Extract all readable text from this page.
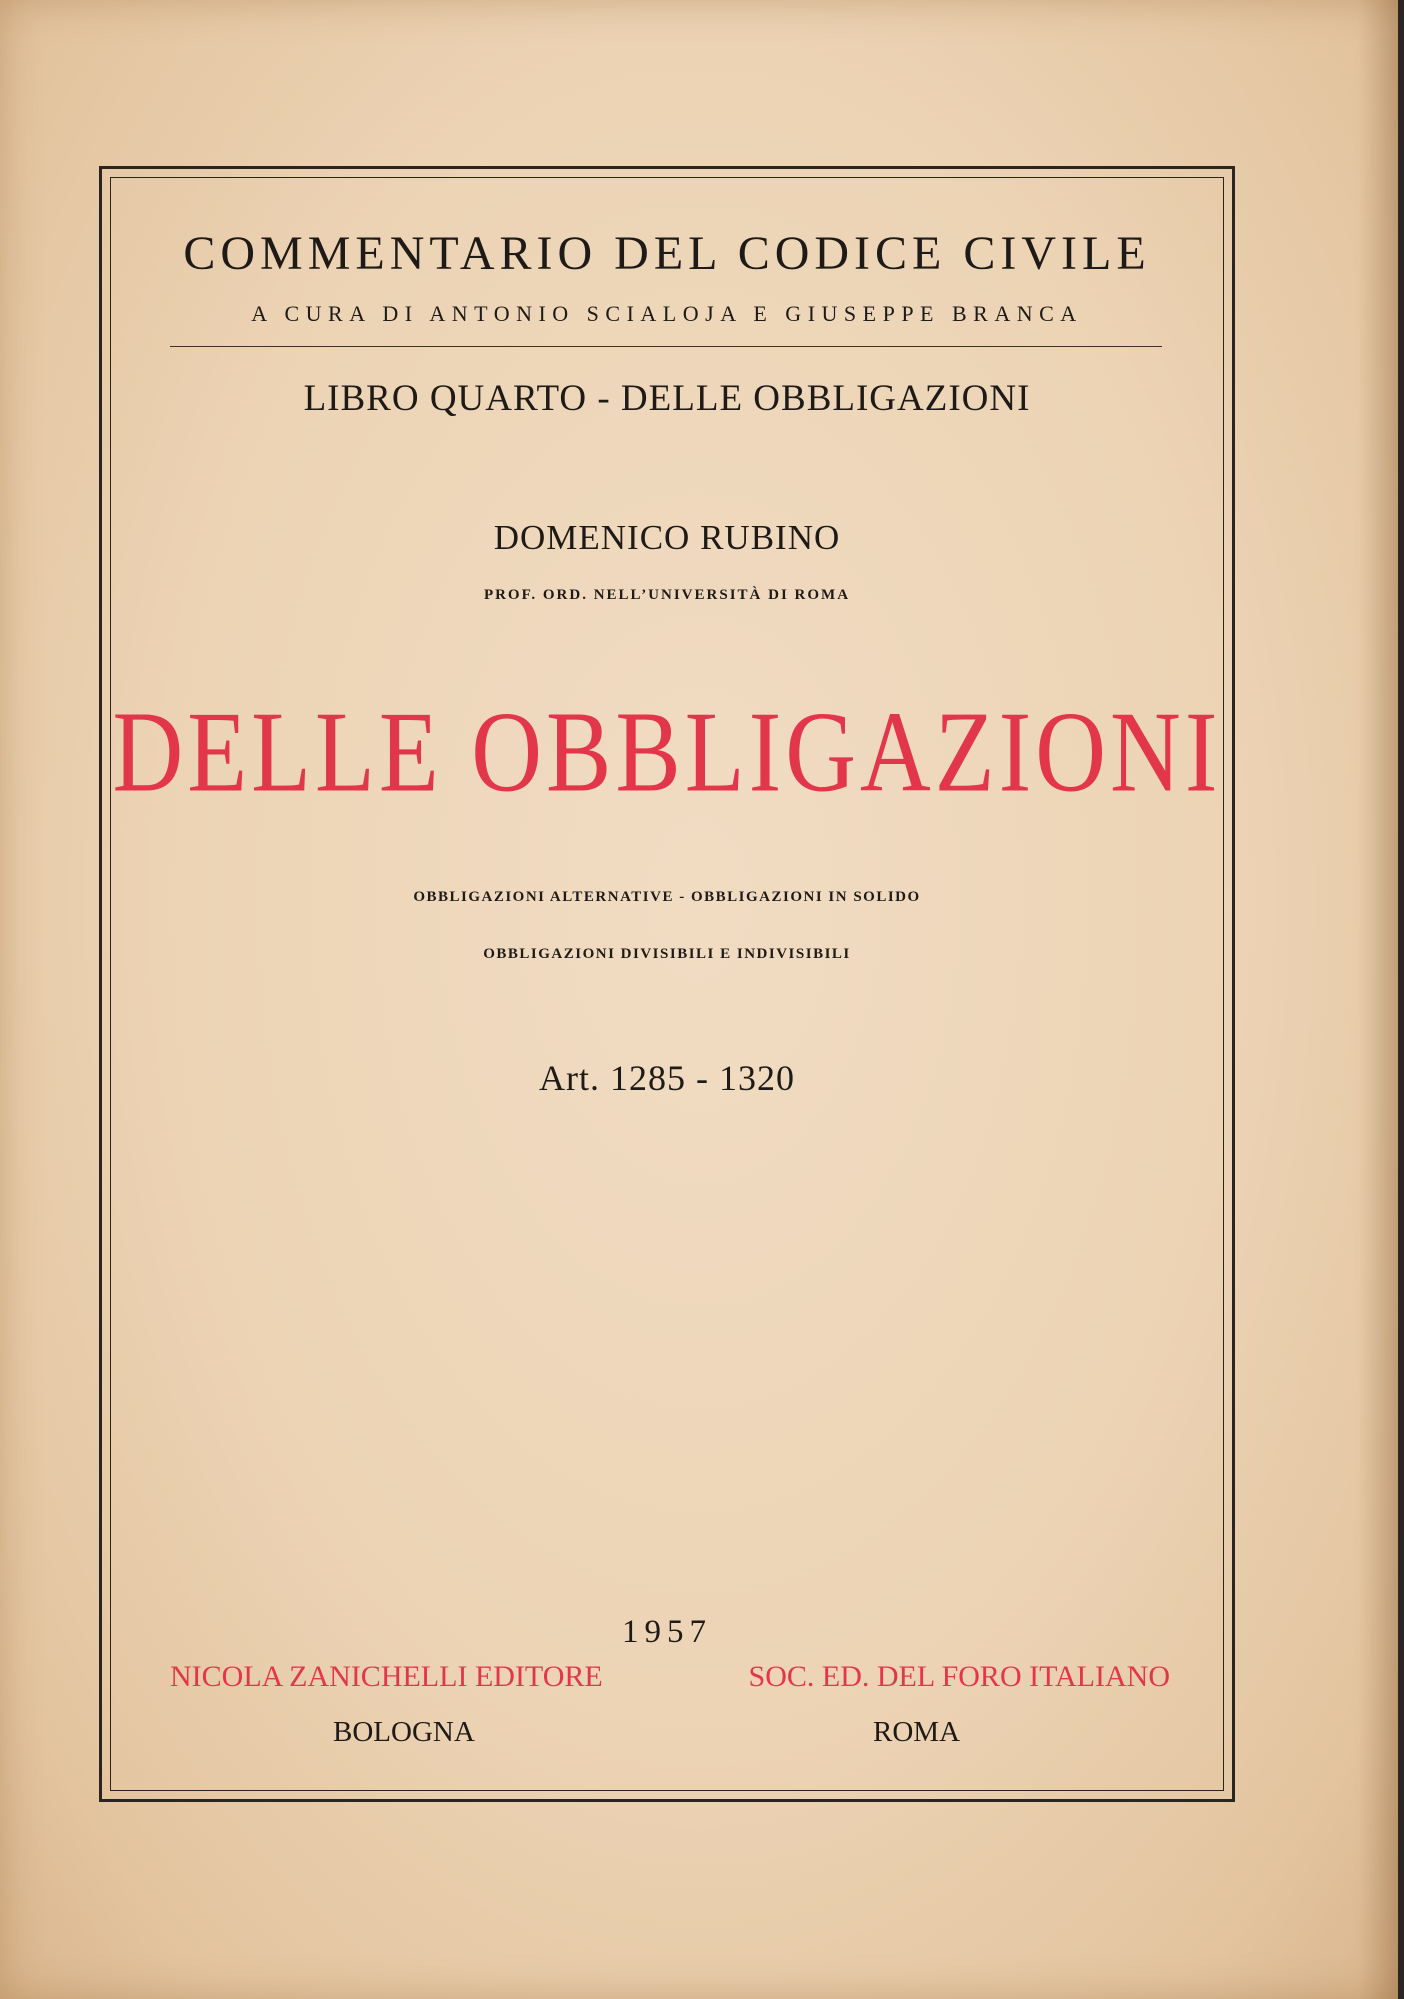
COMMENTARIO DEL CODICE CIVILE
A CURA DI ANTONIO SCIALOJA E GIUSEPPE BRANCA
LIBRO QUARTO - DELLE OBBLIGAZIONI
DOMENICO RUBINO
PROF. ORD. NELL’UNIVERSITÀ DI ROMA
DELLE OBBLIGAZIONI
OBBLIGAZIONI ALTERNATIVE - OBBLIGAZIONI IN SOLIDO
OBBLIGAZIONI DIVISIBILI E INDIVISIBILI
Art. 1285 - 1320
1957
NICOLA ZANICHELLI EDITORE	SOC. ED. DEL FORO ITALIANO
BOLOGNA	ROMA
